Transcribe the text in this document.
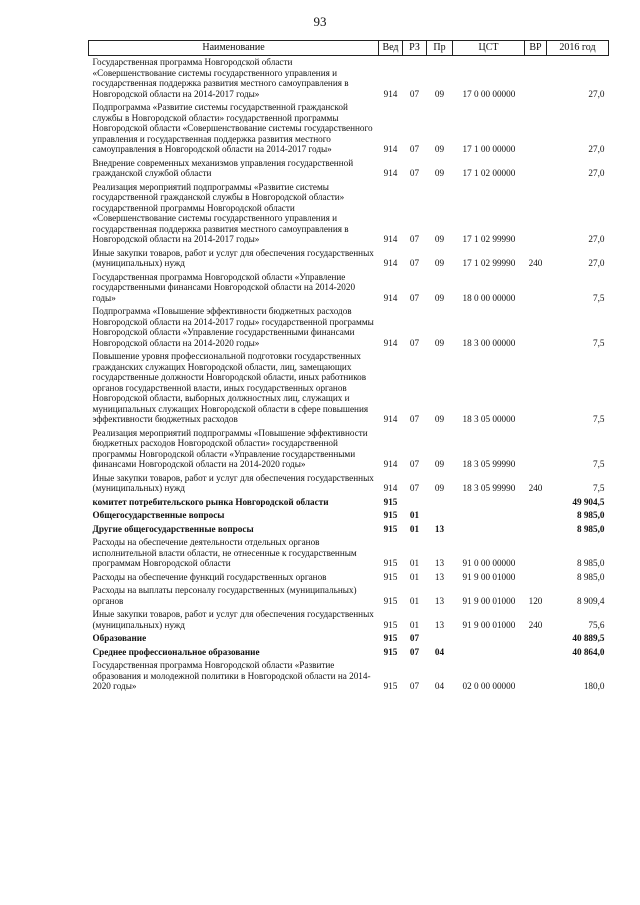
93
Наименование	Вед	РЗ	Пр	ЦСТ	ВР	2016 год
Государственная программа Новгородской области «Совершенствование системы государственного управления и государственная поддержка развития местного самоуправления в Новгородской области на 2014-2017 годы»	914	07	09	17 0 00 00000		27,0
Подпрограмма «Развитие системы государственной гражданской службы в Новгородской области» государственной программы Новгородской области «Совершенствование системы государственного управления и государственная поддержка развития местного самоуправления в Новгородской области на 2014-2017 годы»	914	07	09	17 1 00 00000		27,0
Внедрение современных механизмов управления государственной гражданской службой области	914	07	09	17 1 02 00000		27,0
Реализация мероприятий подпрограммы «Развитие системы государственной гражданской службы в Новгородской области» государственной программы Новгородской области «Совершенствование системы государственного управления и государственная поддержка развития местного самоуправления в Новгородской области на 2014-2017 годы»	914	07	09	17 1 02 99990		27,0
Иные закупки товаров, работ и услуг для обеспечения государственных (муниципальных) нужд	914	07	09	17 1 02 99990	240	27,0
Государственная программа Новгородской области «Управление государственными финансами Новгородской области на 2014-2020 годы»	914	07	09	18 0 00 00000		7,5
Подпрограмма «Повышение эффективности бюджетных расходов Новгородской области на 2014-2017 годы» государственной программы Новгородской области «Управление государственными финансами Новгородской области на 2014-2020 годы»	914	07	09	18 3 00 00000		7,5
Повышение уровня профессиональной подготовки государственных гражданских служащих Новгородской области, лиц, замещающих государственные должности Новгородской области, иных работников органов государственной власти, иных государственных органов Новгородской области, выборных должностных лиц, служащих и муниципальных служащих Новгородской области в сфере повышения эффективности бюджетных расходов	914	07	09	18 3 05 00000		7,5
Реализация мероприятий подпрограммы «Повышение эффективности бюджетных расходов Новгородской области» государственной программы Новгородской области «Управление государственными финансами Новгородской области на 2014-2020 годы»	914	07	09	18 3 05 99990		7,5
Иные закупки товаров, работ и услуг для обеспечения государственных (муниципальных) нужд	914	07	09	18 3 05 99990	240	7,5
комитет потребительского рынка Новгородской области	915					49 904,5
Общегосударственные вопросы	915	01				8 985,0
Другие общегосударственные вопросы	915	01	13			8 985,0
Расходы на обеспечение деятельности отдельных органов исполнительной власти области, не отнесенные к государственным программам Новгородской области	915	01	13	91 0 00 00000		8 985,0
Расходы на обеспечение функций государственных органов	915	01	13	91 9 00 01000		8 985,0
Расходы на выплаты персоналу государственных (муниципальных) органов	915	01	13	91 9 00 01000	120	8 909,4
Иные закупки товаров, работ и услуг для обеспечения государственных (муниципальных) нужд	915	01	13	91 9 00 01000	240	75,6
Образование	915	07				40 889,5
Среднее профессиональное образование	915	07	04			40 864,0
Государственная программа Новгородской области «Развитие образования и молодежной политики в Новгородской области на 2014-2020 годы»	915	07	04	02 0 00 00000		180,0
